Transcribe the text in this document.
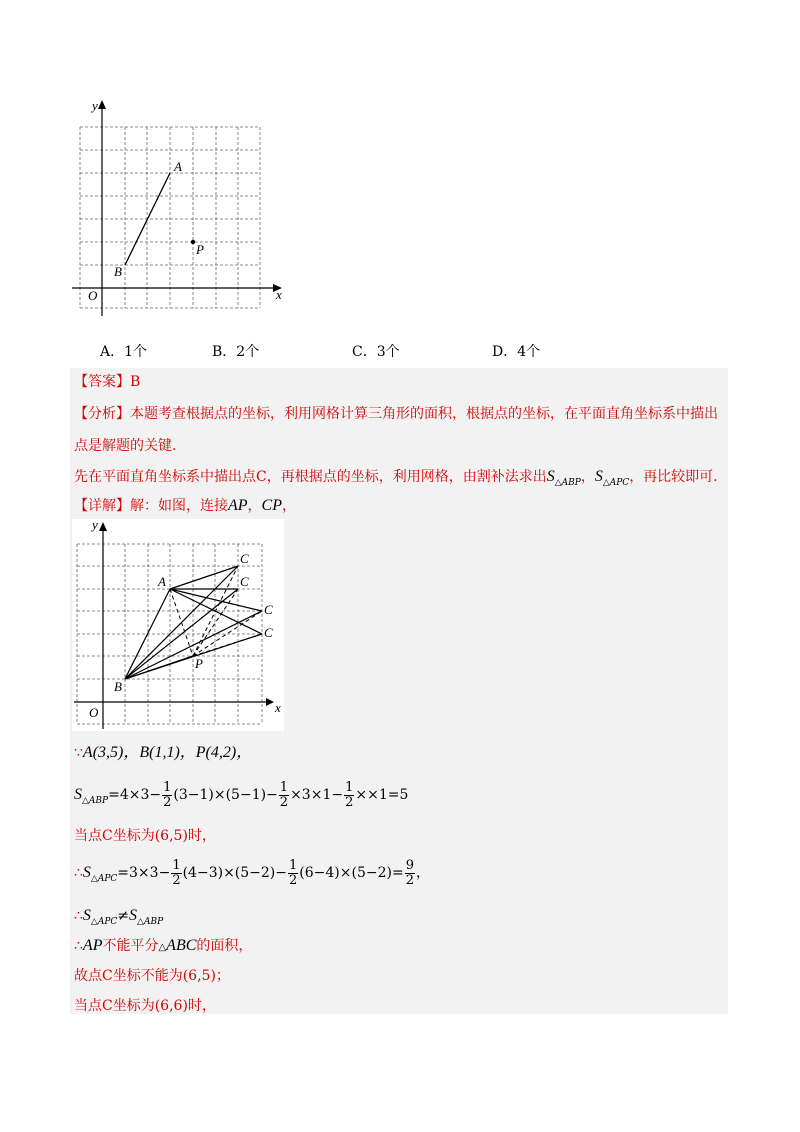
y
x
O
A
B
P
A．1个	B．2个	C．3个	D．4个
【答案】B
【分析】本题考查根据点的坐标，利用网格计算三角形的面积，根据点的坐标，在平面直角坐标系中描出
点是解题的关键.
先在平面直角坐标系中描出点C，再根据点的坐标，利用网格，由割补法求出$S_{\triangle ABP}$，$S_{\triangle APC}$，再比较即可.
【详解】解：如图，连接AP，CP，
y
x
O
A
B
P
C
C
C
C
∵A(3,5)，B(1,1)，P(4,2)，
$S_{\triangle ABP}=4\times 3- \frac{1}{2} (3-1)\times(5-1)- \frac{1}{2} \times 3\times 1- \frac{1}{2} \times\times 1=5$
当点C坐标为(6,5)时，
$\therefore S_{\triangle APC}=3\times 3- \frac{1}{2} (4-3)\times(5-2)- \frac{1}{2} (6-4)\times(5-2)= \frac{9}{2}$ ，
$\therefore S_{\triangle APC}\ne S_{\triangle ABP}$
∴AP不能平分△ABC的面积，
故点C坐标不能为(6,5)；
当点C坐标为(6,6)时，
